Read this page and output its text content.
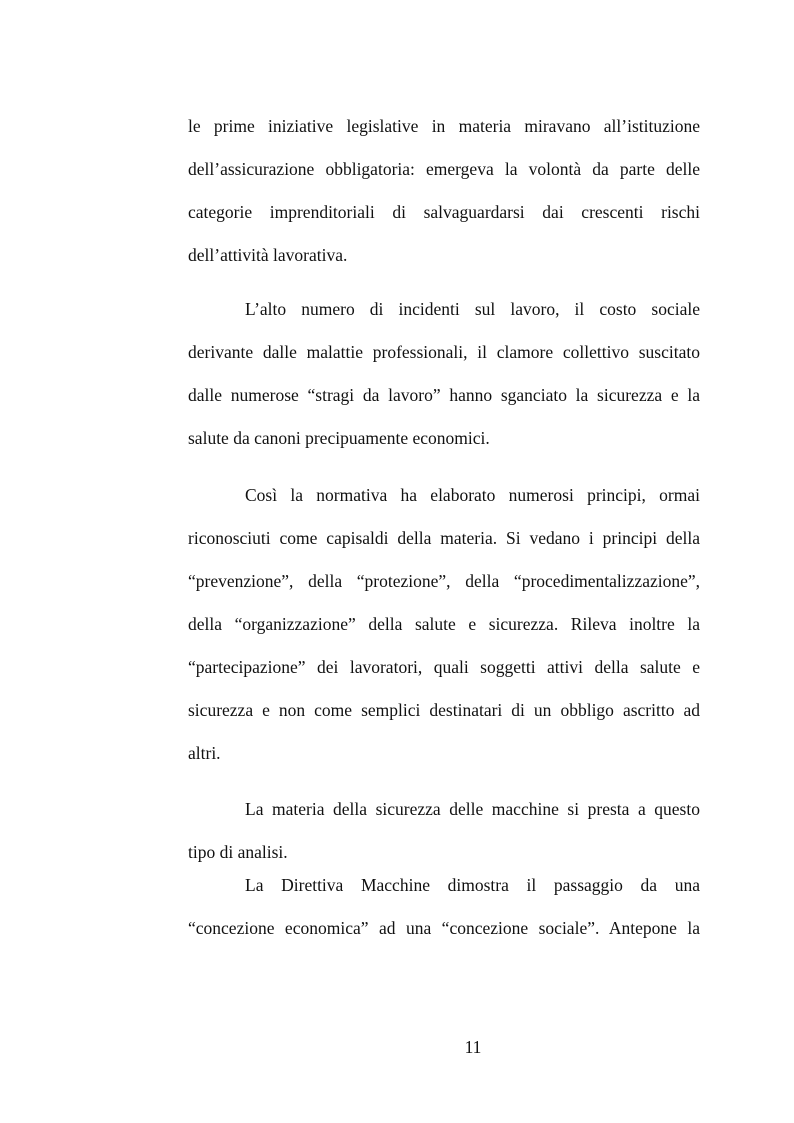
le prime iniziative legislative in materia miravano all’istituzione
dell’assicurazione obbligatoria: emergeva la volontà da parte delle
categorie imprenditoriali di salvaguardarsi dai crescenti rischi
dell’attività lavorativa.
L’alto numero di incidenti sul lavoro, il costo sociale
derivante dalle malattie professionali, il clamore collettivo suscitato
dalle numerose “stragi da lavoro” hanno sganciato la sicurezza e la
salute da canoni precipuamente economici.
Così la normativa ha elaborato numerosi principi, ormai
riconosciuti come capisaldi della materia. Si vedano i principi della
“prevenzione”, della “protezione”, della “procedimentalizzazione”,
della “organizzazione” della salute e sicurezza. Rileva inoltre la
“partecipazione” dei lavoratori, quali soggetti attivi della salute e
sicurezza e non come semplici destinatari di un obbligo ascritto ad
altri.
La materia della sicurezza delle macchine si presta a questo
tipo di analisi.
La Direttiva Macchine dimostra il passaggio da una
“concezione economica” ad una “concezione sociale”. Antepone la
11
